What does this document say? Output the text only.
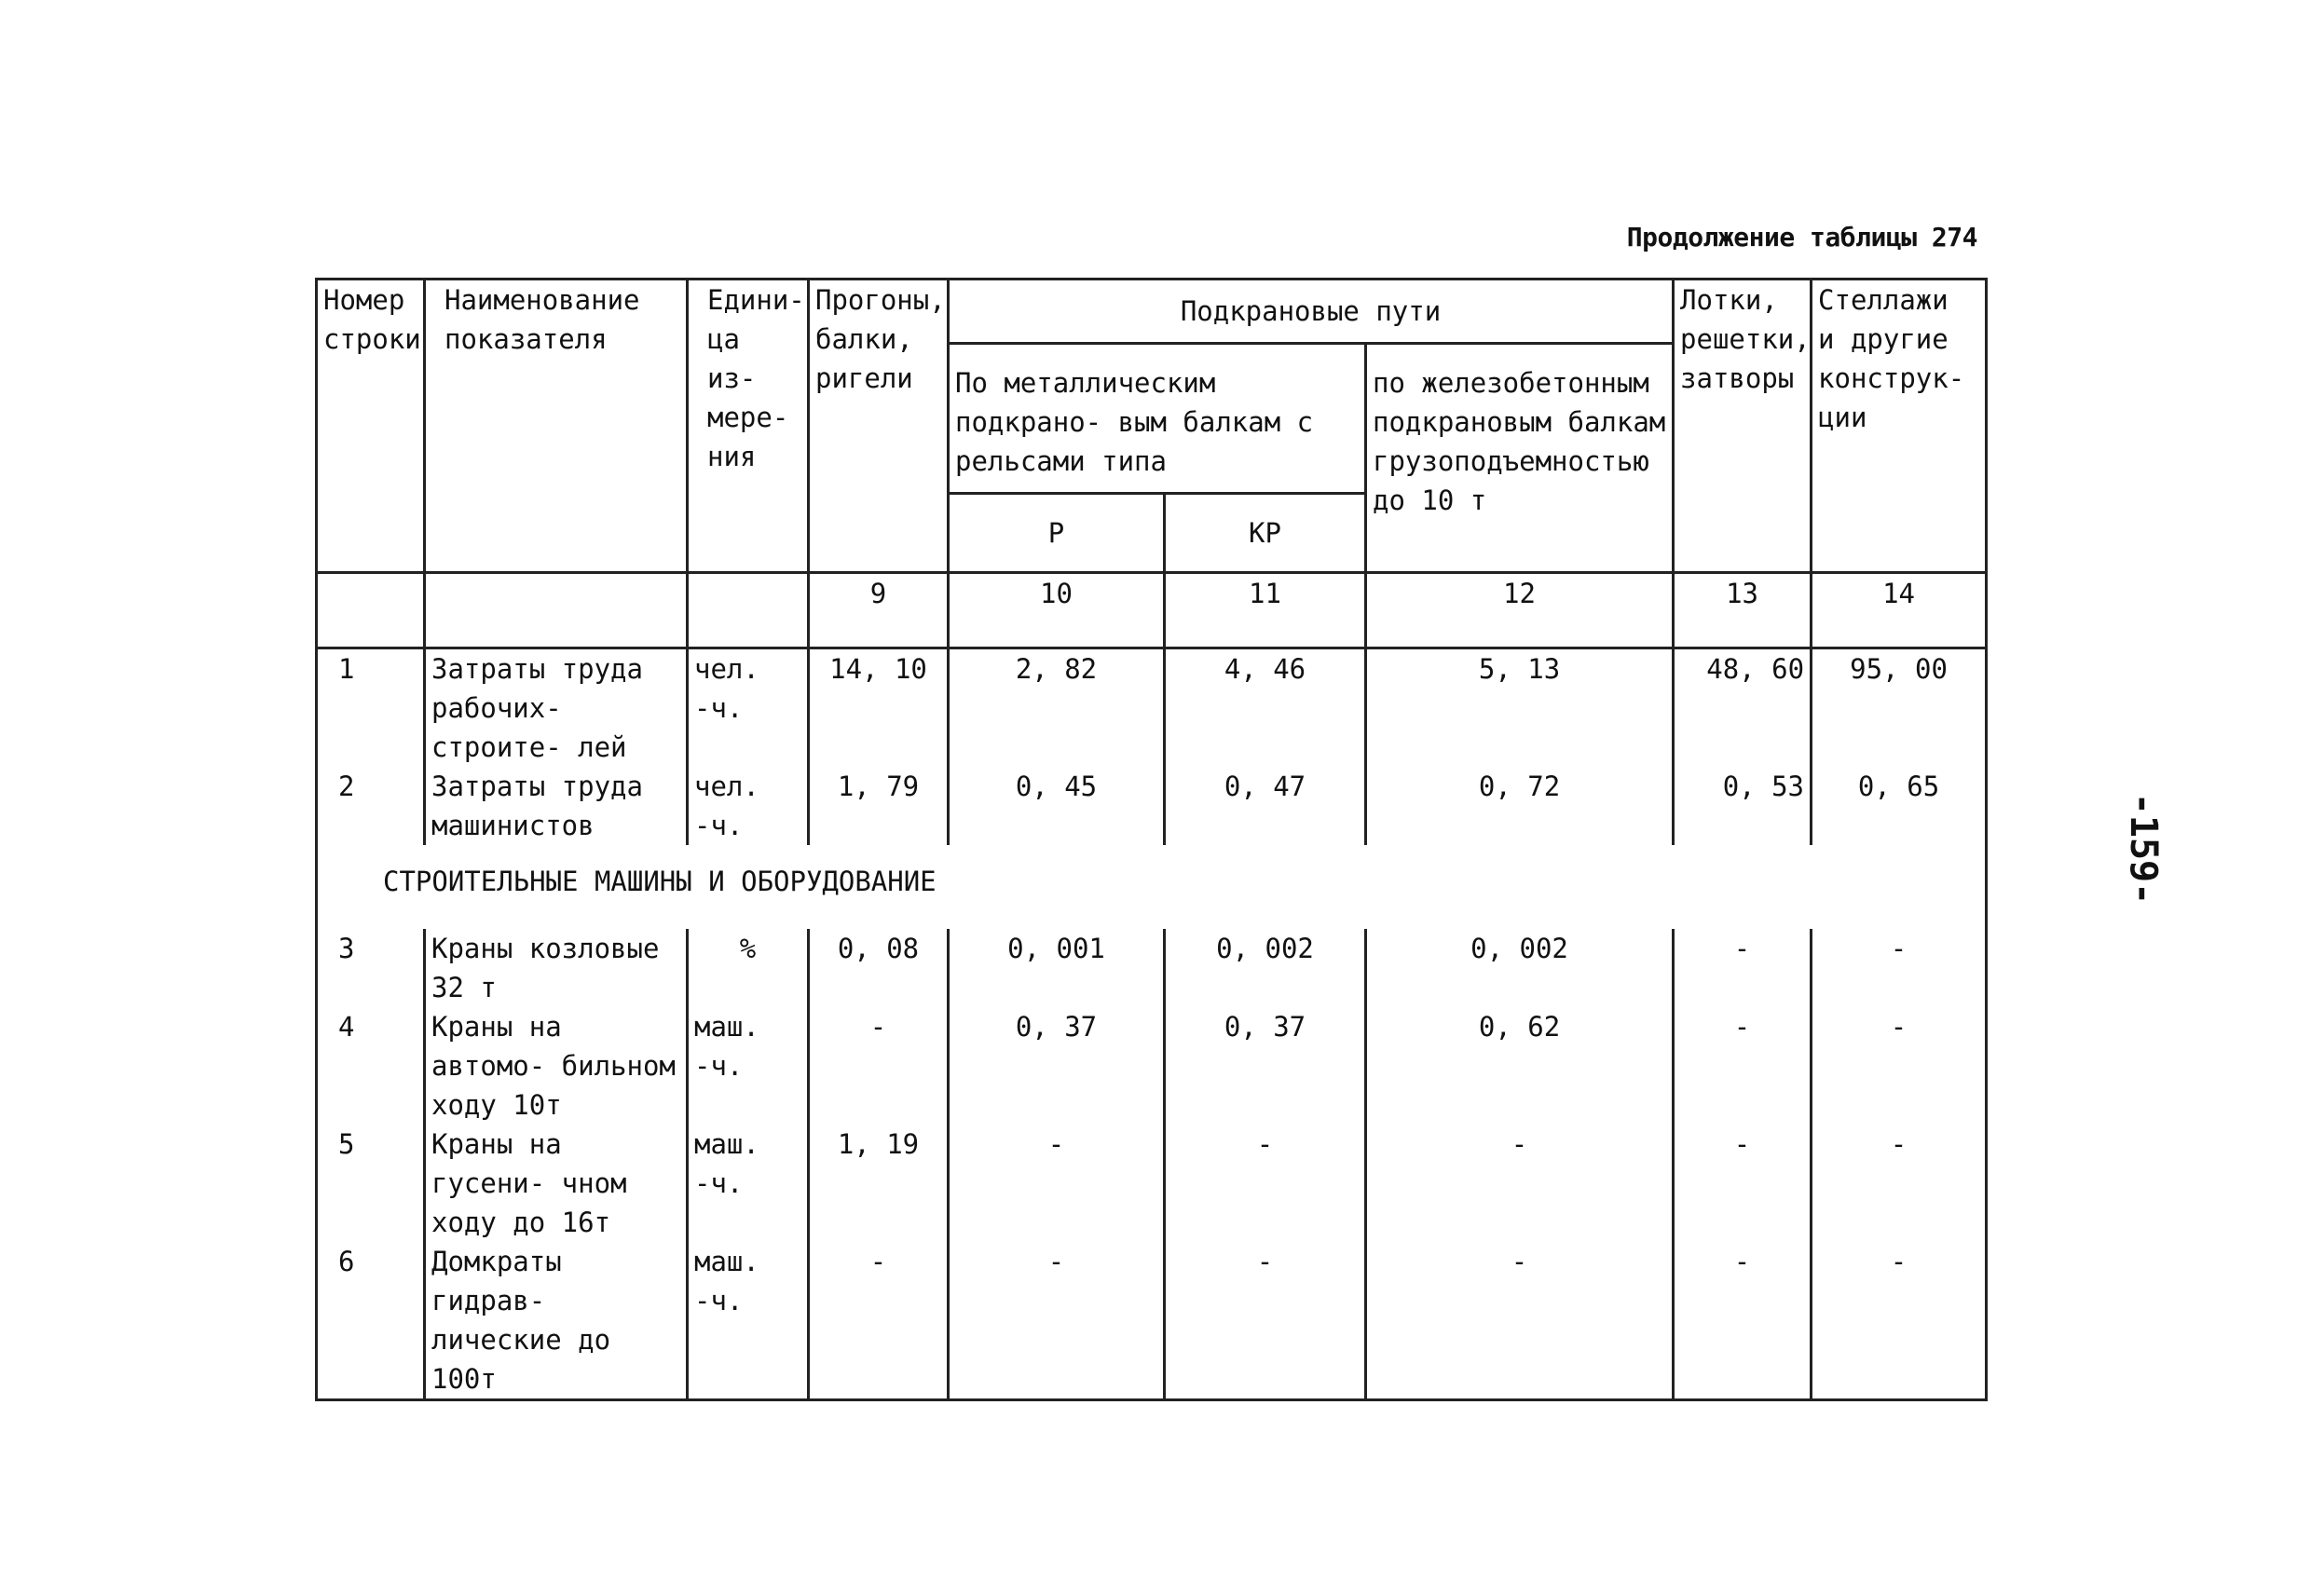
Продолжение таблицы 274
-159-
Номер строки	Наименование показателя	Едини- ца из- мере- ния	Прогоны, балки, ригели	Подкрановые пути			Лотки, решетки, затворы	Стеллажи и другие конструк- ции
				По металлическим подкрано- вым балкам с рельсами типа		по железобетонным подкрановым балкам грузоподъемностью до 10 т		
				Р	КР			
			9	10	11	12	13	14
1	Затраты труда рабочих-строите- лей	чел. -ч.	14, 10	2, 82	4, 46	5, 13	48, 60	95, 00
2	Затраты труда машинистов	чел. -ч.	1, 79	0, 45	0, 47	0, 72	0, 53	0, 65
СТРОИТЕЛЬНЫЕ МАШИНЫ И ОБОРУДОВАНИЕ								
3	Краны козловые 32 т	%	0, 08	0, 001	0, 002	0, 002	-	-
4	Краны на автомо- бильном ходу 10т	маш. -ч.	-	0, 37	0, 37	0, 62	-	-
5	Краны на гусени- чном ходу до 16т	маш. -ч.	1, 19	-	-	-	-	-
6	Домкраты гидрав- лические до 100т	маш. -ч.	-	-	-	-	-	-
